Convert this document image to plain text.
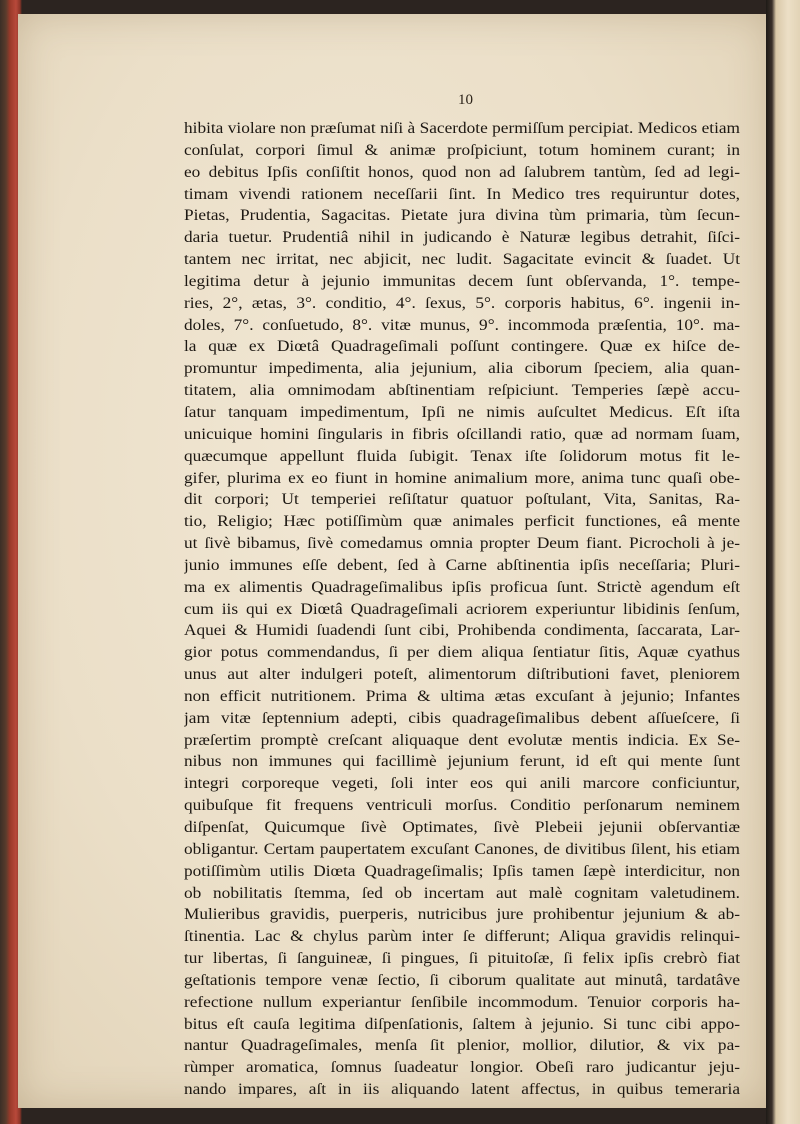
10
hibita violare non præſumat niſi à Sacerdote permiſſum percipiat. Medicos etiam
conſulat, corpori ſimul & animæ proſpiciunt, totum hominem curant; in
eo debitus Ipſis conſiſtit honos, quod non ad ſalubrem tantùm, ſed ad legi-
timam vivendi rationem neceſſarii ſint. In Medico tres requiruntur dotes,
Pietas, Prudentia, Sagacitas. Pietate jura divina tùm primaria, tùm ſecun-
daria tuetur. Prudentiâ nihil in judicando è Naturæ legibus detrahit, ſiſci-
tantem nec irritat, nec abjicit, nec ludit. Sagacitate evincit & ſuadet. Ut
legitima detur à jejunio immunitas decem ſunt obſervanda, 1°. tempe-
ries, 2°, ætas, 3°. conditio, 4°. ſexus, 5°. corporis habitus, 6°. ingenii in-
doles, 7°. conſuetudo, 8°. vitæ munus, 9°. incommoda præſentia, 10°. ma-
la quæ ex Diœtâ Quadrageſimali poſſunt contingere. Quæ ex hiſce de-
promuntur impedimenta, alia jejunium, alia ciborum ſpeciem, alia quan-
titatem, alia omnimodam abſtinentiam reſpiciunt. Temperies ſæpè accu-
ſatur tanquam impedimentum, Ipſi ne nimis auſcultet Medicus. Eſt iſta
unicuique homini ſingularis in fibris oſcillandi ratio, quæ ad normam ſuam,
quæcumque appellunt fluida ſubigit. Tenax iſte ſolidorum motus fit le-
gifer, plurima ex eo fiunt in homine animalium more, anima tunc quaſi obe-
dit corpori; Ut temperiei reſiſtatur quatuor poſtulant, Vita, Sanitas, Ra-
tio, Religio; Hæc potiſſimùm quæ animales perficit functiones, eâ mente
ut ſivè bibamus, ſivè comedamus omnia propter Deum fiant. Picrocholi à je-
junio immunes eſſe debent, ſed à Carne abſtinentia ipſis neceſſaria; Pluri-
ma ex alimentis Quadrageſimalibus ipſis proficua ſunt. Strictè agendum eſt
cum iis qui ex Diœtâ Quadrageſimali acriorem experiuntur libidinis ſenſum,
Aquei & Humidi ſuadendi ſunt cibi, Prohibenda condimenta, ſaccarata, Lar-
gior potus commendandus, ſi per diem aliqua ſentiatur ſitis, Aquæ cyathus
unus aut alter indulgeri poteſt, alimentorum diſtributioni favet, pleniorem
non efficit nutritionem. Prima & ultima ætas excuſant à jejunio; Infantes
jam vitæ ſeptennium adepti, cibis quadrageſimalibus debent aſſueſcere, ſi
præſertim promptè creſcant aliquaque dent evolutæ mentis indicia. Ex Se-
nibus non immunes qui facillimè jejunium ferunt, id eſt qui mente ſunt
integri corporeque vegeti, ſoli inter eos qui anili marcore conficiuntur,
quibuſque fit frequens ventriculi morſus. Conditio perſonarum neminem
diſpenſat, Quicumque ſivè Optimates, ſivè Plebeii jejunii obſervantiæ
obligantur. Certam paupertatem excuſant Canones, de divitibus ſilent, his etiam
potiſſimùm utilis Diœta Quadrageſimalis; Ipſis tamen ſæpè interdicitur, non
ob nobilitatis ſtemma, ſed ob incertam aut malè cognitam valetudinem.
Mulieribus gravidis, puerperis, nutricibus jure prohibentur jejunium & ab-
ſtinentia. Lac & chylus parùm inter ſe differunt; Aliqua gravidis relinqui-
tur libertas, ſi ſanguineæ, ſi pingues, ſi pituitoſæ, ſi felix ipſis crebrò fiat
geſtationis tempore venæ ſectio, ſi ciborum qualitate aut minutâ, tardatâve
refectione nullum experiantur ſenſibile incommodum. Tenuior corporis ha-
bitus eſt cauſa legitima diſpenſationis, ſaltem à jejunio. Si tunc cibi appo-
nantur Quadrageſimales, menſa ſit plenior, mollior, dilutior, & vix pa-
rùmper aromatica, ſomnus ſuadeatur longior. Obeſi raro judicantur jeju-
nando impares, aſt in iis aliquando latent affectus, in quibus temeraria
